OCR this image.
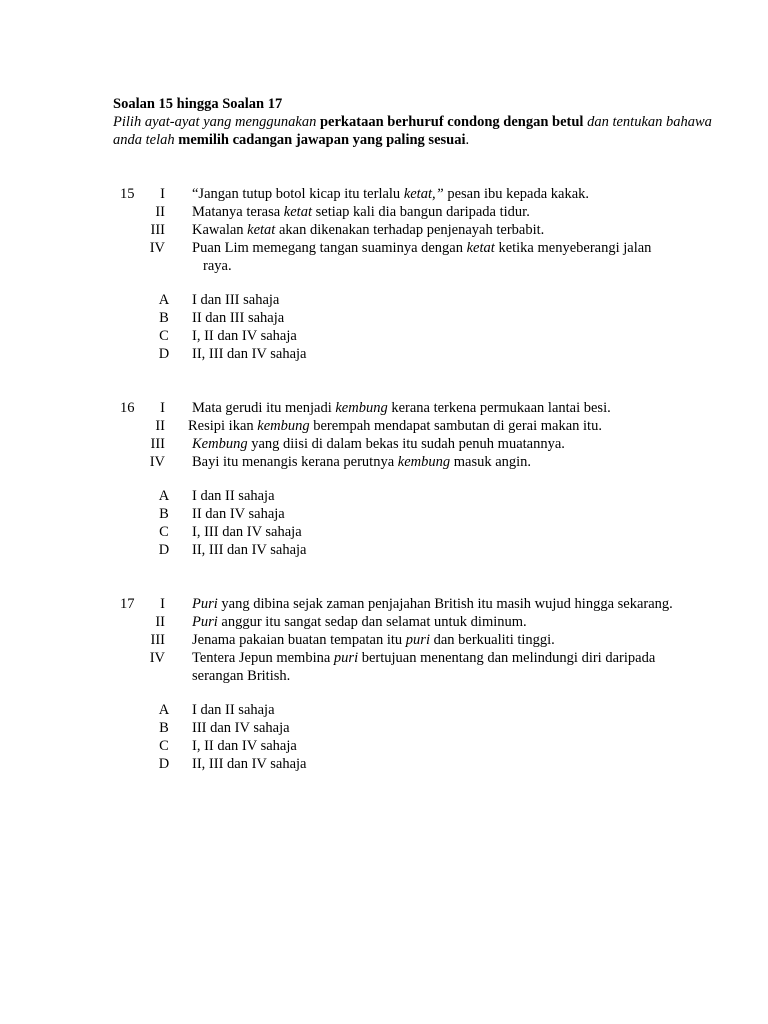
Soalan 15 hingga Soalan 17

Pilih ayat-ayat yang menggunakan perkataan berhuruf condong dengan betul dan tentukan bahawa anda telah memilih cadangan jawapan yang paling sesuai.

15	I “Jangan tutup botol kicap itu terlalu ketat,” pesan ibu kepada kakak.
II Matanya terasa ketat setiap kali dia bangun daripada tidur.
III Kawalan ketat akan dikenakan terhadap penjenayah terbabit.
IV Puan Lim memegang tangan suaminya dengan ketat ketika menyeberangi jalan
raya.
A I dan III sahaja
B II dan III sahaja
C I, II dan IV sahaja
D II, III dan IV sahaja
16	I Mata gerudi itu menjadi kembung kerana terkena permukaan lantai besi.
II Resipi ikan kembung berempah mendapat sambutan di gerai makan itu.
III Kembung yang diisi di dalam bekas itu sudah penuh muatannya.
IV Bayi itu menangis kerana perutnya kembung masuk angin.
A I dan II sahaja
B II dan IV sahaja
C I, III dan IV sahaja
D II, III dan IV sahaja
17	I Puri yang dibina sejak zaman penjajahan British itu masih wujud hingga sekarang.
II Puri anggur itu sangat sedap dan selamat untuk diminum.
III Jenama pakaian buatan tempatan itu puri dan berkualiti tinggi.
IV Tentera Jepun membina puri bertujuan menentang dan melindungi diri daripada
serangan British.
A I dan II sahaja
B III dan IV sahaja
C I, II dan IV sahaja
D II, III dan IV sahaja
